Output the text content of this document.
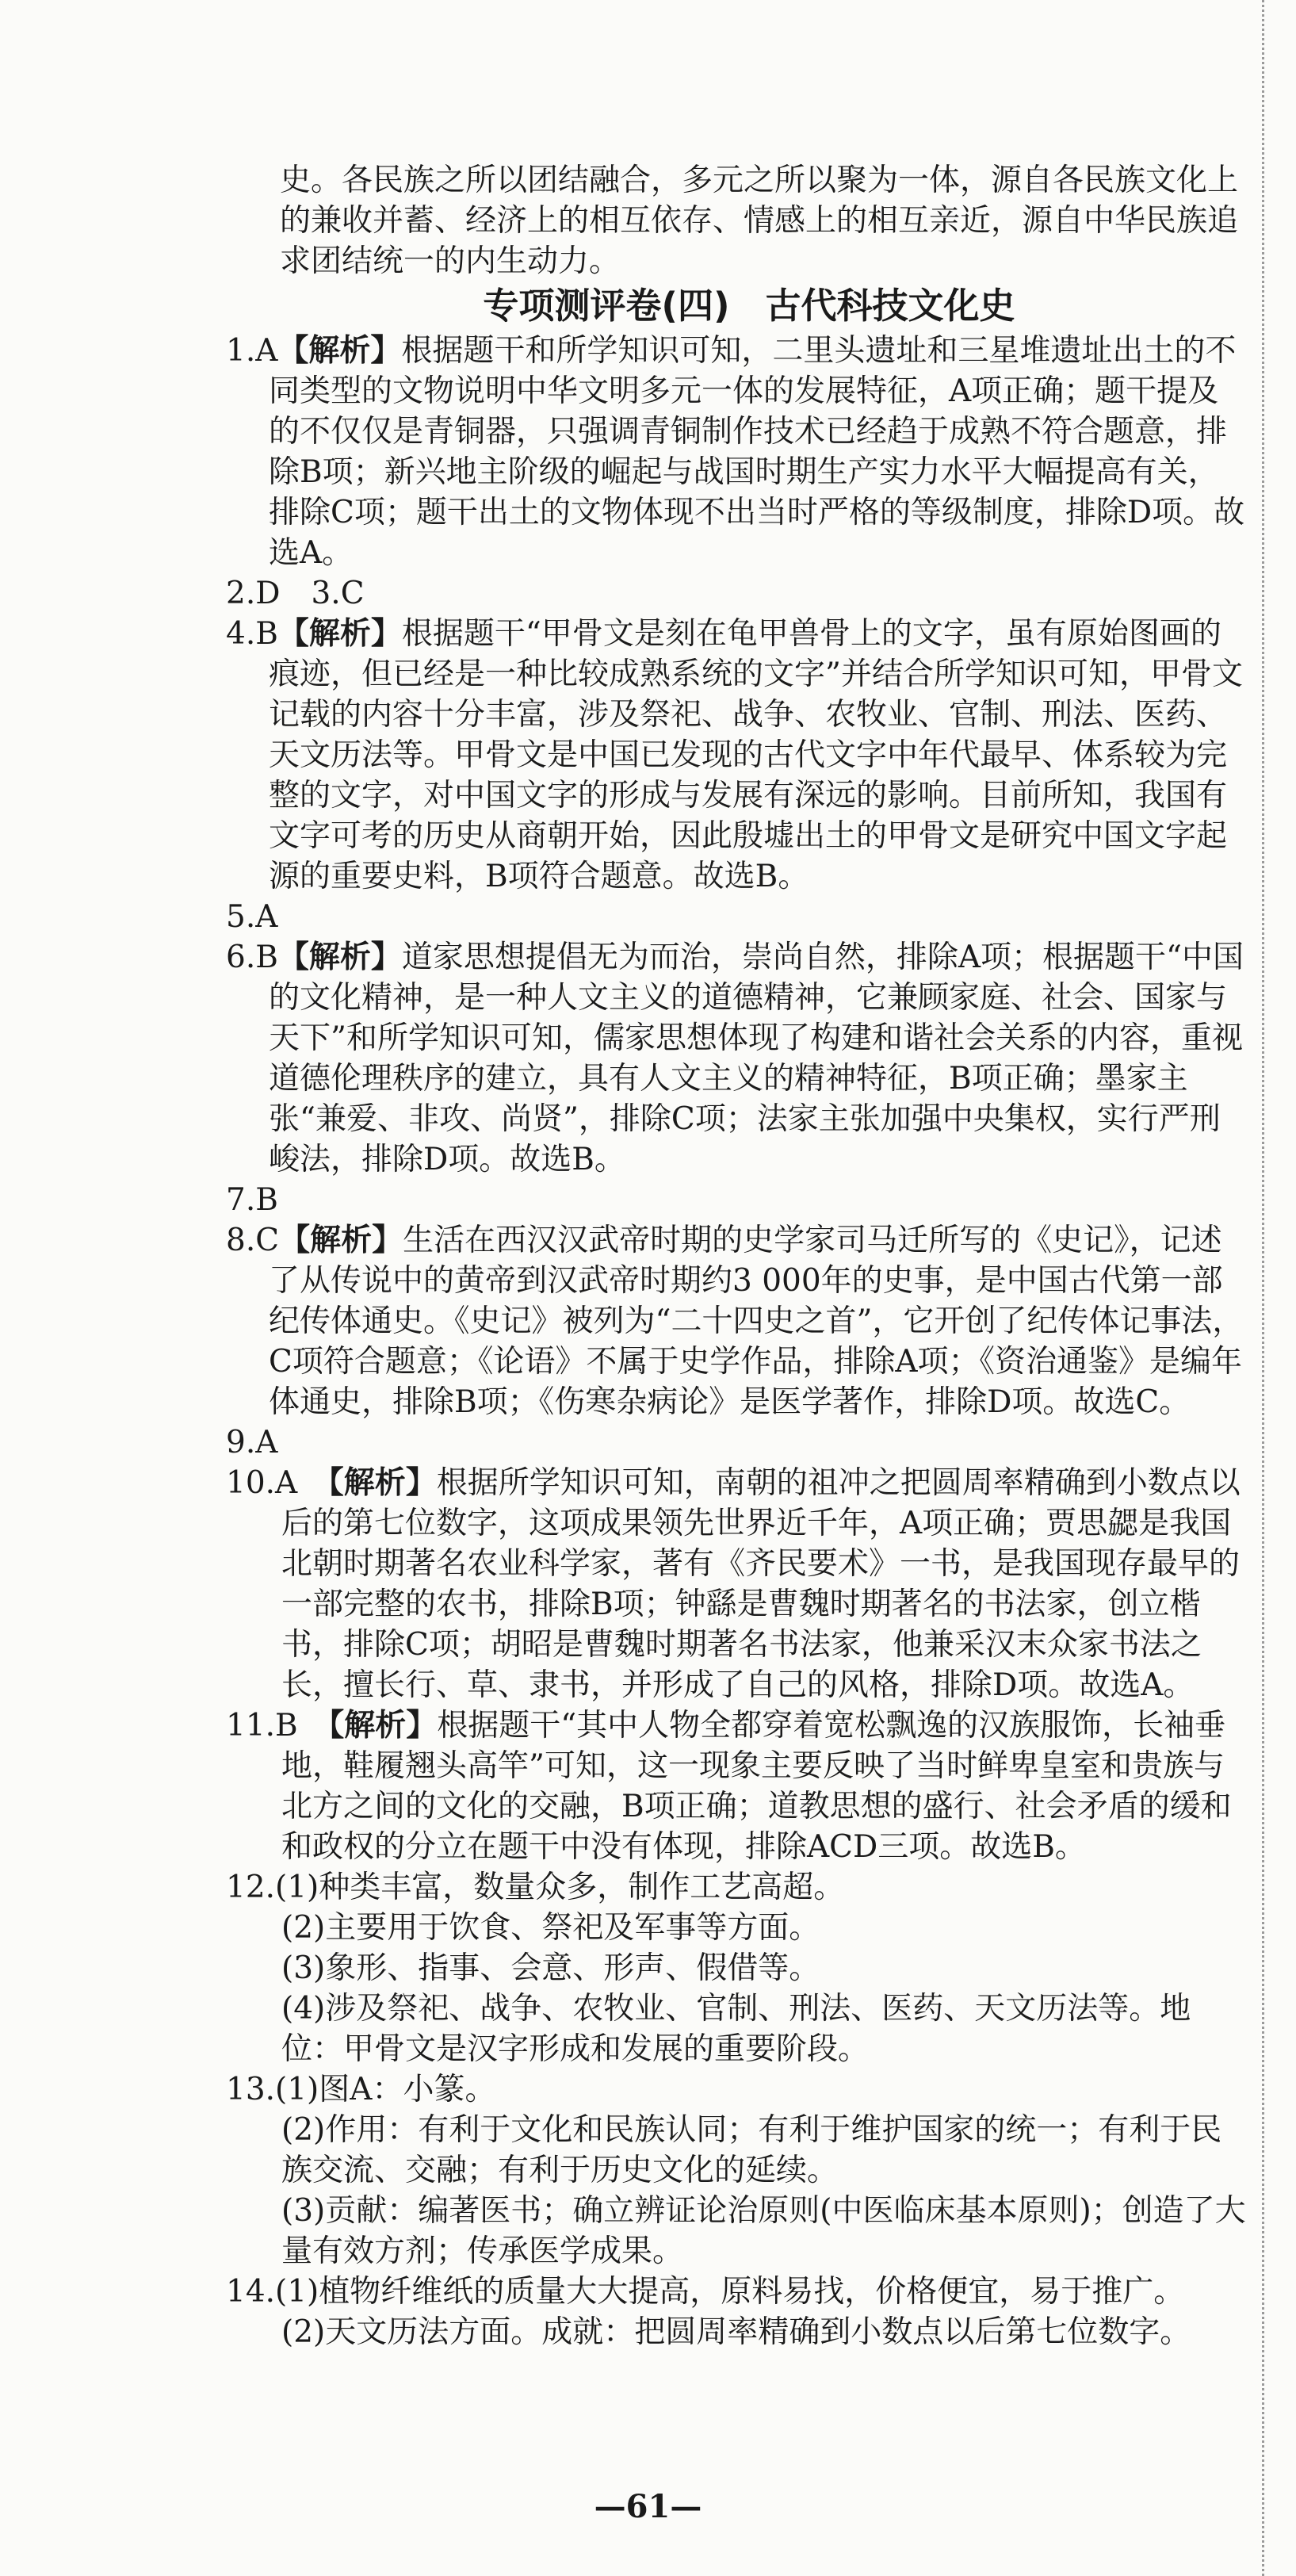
史。各民族之所以团结融合，多元之所以聚为一体，源自各民族文化上的兼收并蓄、经济上的相互依存、情感上的相互亲近，源自中华民族追求团结统一的内生动力。

专项测评卷(四)　古代科技文化史

1.A【解析】根据题干和所学知识可知，二里头遗址和三星堆遗址出土的不同类型的文物说明中华文明多元一体的发展特征，A项正确；题干提及的不仅仅是青铜器，只强调青铜制作技术已经趋于成熟不符合题意，排除B项；新兴地主阶级的崛起与战国时期生产实力水平大幅提高有关，排除C项；题干出土的文物体现不出当时严格的等级制度，排除D项。故选A。

2.D　3.C

4.B【解析】根据题干“甲骨文是刻在龟甲兽骨上的文字，虽有原始图画的痕迹，但已经是一种比较成熟系统的文字”并结合所学知识可知，甲骨文记载的内容十分丰富，涉及祭祀、战争、农牧业、官制、刑法、医药、天文历法等。甲骨文是中国已发现的古代文字中年代最早、体系较为完整的文字，对中国文字的形成与发展有深远的影响。目前所知，我国有文字可考的历史从商朝开始，因此殷墟出土的甲骨文是研究中国文字起源的重要史料，B项符合题意。故选B。

5.A

6.B【解析】道家思想提倡无为而治，崇尚自然，排除A项；根据题干“中国的文化精神，是一种人文主义的道德精神，它兼顾家庭、社会、国家与天下”和所学知识可知，儒家思想体现了构建和谐社会关系的内容，重视道德伦理秩序的建立，具有人文主义的精神特征，B项正确；墨家主张“兼爱、非攻、尚贤”，排除C项；法家主张加强中央集权，实行严刑峻法，排除D项。故选B。

7.B

8.C【解析】生活在西汉汉武帝时期的史学家司马迁所写的《史记》，记述了从传说中的黄帝到汉武帝时期约3 000年的史事，是中国古代第一部纪传体通史。《史记》被列为“二十四史之首”，它开创了纪传体记事法，C项符合题意；《论语》不属于史学作品，排除A项；《资治通鉴》是编年体通史，排除B项；《伤寒杂病论》是医学著作，排除D项。故选C。

9.A

10.A　 【解析】根据所学知识可知，南朝的祖冲之把圆周率精确到小数点以后的第七位数字，这项成果领先世界近千年，A项正确；贾思勰是我国北朝时期著名农业科学家，著有《齐民要术》一书，是我国现存最早的一部完整的农书，排除B项；钟繇是曹魏时期著名的书法家，创立楷书，排除C项；胡昭是曹魏时期著名书法家，他兼采汉末众家书法之长，擅长行、草、隶书，并形成了自己的风格，排除D项。故选A。

11.B　 【解析】根据题干“其中人物全都穿着宽松飘逸的汉族服饰，长袖垂地，鞋履翘头高竿”可知，这一现象主要反映了当时鲜卑皇室和贵族与北方之间的文化的交融，B项正确；道教思想的盛行、社会矛盾的缓和和政权的分立在题干中没有体现，排除ACD三项。故选B。

12.(1)种类丰富，数量众多，制作工艺高超。

(2)主要用于饮食、祭祀及军事等方面。

(3)象形、指事、会意、形声、假借等。

(4)涉及祭祀、战争、农牧业、官制、刑法、医药、天文历法等。地位：甲骨文是汉字形成和发展的重要阶段。

13.(1)图A：小篆。

(2)作用：有利于文化和民族认同；有利于维护国家的统一；有利于民族交流、交融；有利于历史文化的延续。

(3)贡献：编著医书；确立辨证论治原则(中医临床基本原则)；创造了大量有效方剂；传承医学成果。

14.(1)植物纤维纸的质量大大提高，原料易找，价格便宜，易于推广。

(2)天文历法方面。成就：把圆周率精确到小数点以后第七位数字。

—61—
